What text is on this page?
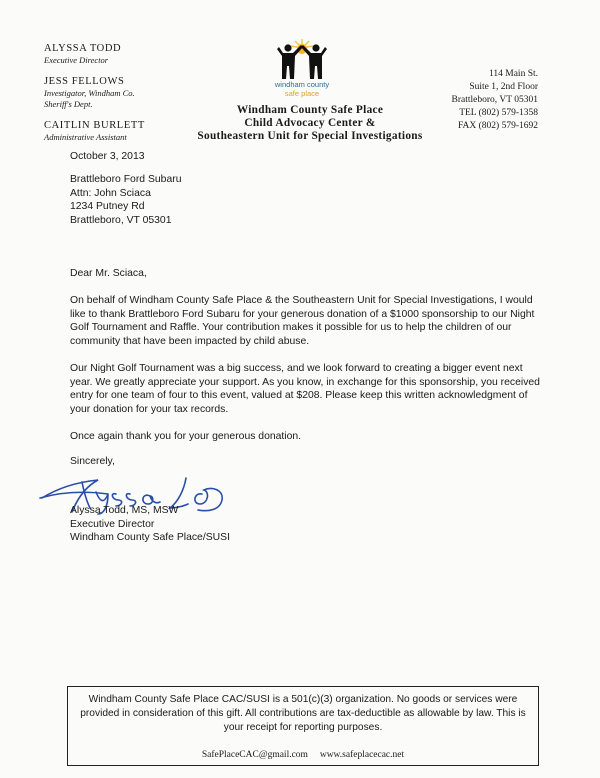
ALYSSA TODD

Executive Director

JESS FELLOWS

Investigator, Windham Co. Sheriff's Dept.

CAITLIN BURLETT

Administrative Assistant

windham county
safe place
Windham County Safe Place
Child Advocacy Center &
Southeastern Unit for Special Investigations
114 Main St.
Suite 1, 2nd Floor
Brattleboro, VT 05301
TEL (802) 579-1358
FAX (802) 579-1692
October 3, 2013
Brattleboro Ford Subaru
Attn: John Sciaca
1234 Putney Rd
Brattleboro, VT 05301
Dear Mr. Sciaca,

On behalf of Windham County Safe Place & the Southeastern Unit for Special Investigations, I would like to thank Brattleboro Ford Subaru for your generous donation of a $1000 sponsorship to our Night Golf Tournament and Raffle. Your contribution makes it possible for us to help the children of our community that have been impacted by child abuse.

Our Night Golf Tournament was a big success, and we look forward to creating a bigger event next year. We greatly appreciate your support. As you know, in exchange for this sponsorship, you received entry for one team of four to this event, valued at $208. Please keep this written acknowledgment of your donation for your tax records.

Once again thank you for your generous donation.

Sincerely,
Alyssa Todd, MS, MSW
Executive Director
Windham County Safe Place/SUSI

Windham County Safe Place CAC/SUSI is a 501(c)(3) organization. No goods or services were provided in consideration of this gift. All contributions are tax-deductible as allowable by law. This is your receipt for reporting purposes.

SafePlaceCAC@gmail.com www.safeplacecac.net
